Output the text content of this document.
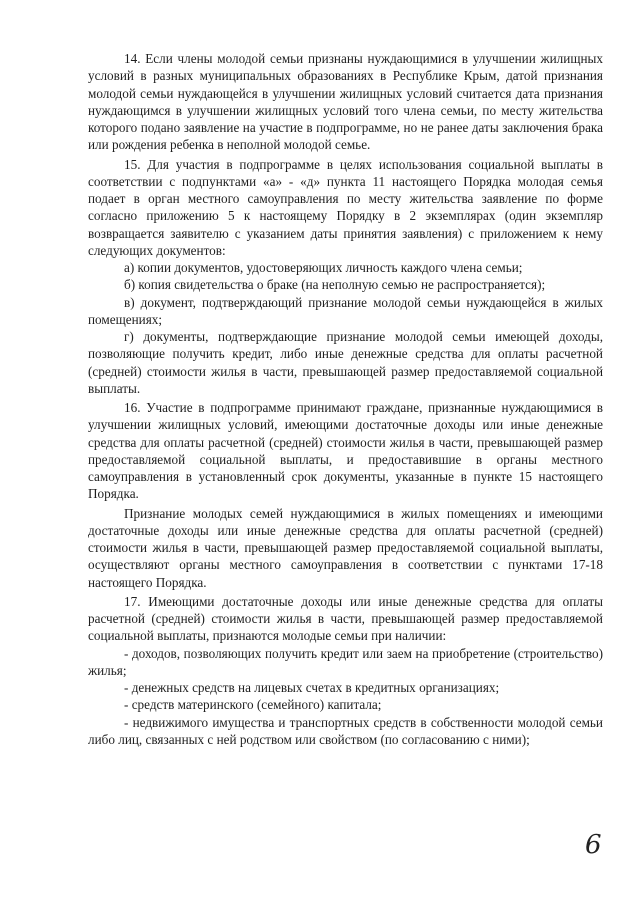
14. Если члены молодой семьи признаны нуждающимися в улучшении жилищных условий в разных муниципальных образованиях в Республике Крым, датой признания молодой семьи нуждающейся в улучшении жилищных условий считается дата признания нуждающимся в улучшении жилищных условий того члена семьи, по месту жительства которого подано заявление на участие в подпрограмме, но не ранее даты заключения брака или рождения ребенка в неполной молодой семье.

15. Для участия в подпрограмме в целях использования социальной выплаты в соответствии с подпунктами «а» - «д» пункта 11 настоящего Порядка молодая семья подает в орган местного самоуправления по месту жительства заявление по форме согласно приложению 5 к настоящему Порядку в 2 экземплярах (один экземпляр возвращается заявителю с указанием даты принятия заявления) с приложением к нему следующих документов:

а) копии документов, удостоверяющих личность каждого члена семьи;

б) копия свидетельства о браке (на неполную семью не распространяется);

в) документ, подтверждающий признание молодой семьи нуждающейся в жилых помещениях;

г) документы, подтверждающие признание молодой семьи имеющей доходы, позволяющие получить кредит, либо иные денежные средства для оплаты расчетной (средней) стоимости жилья в части, превышающей размер предоставляемой социальной выплаты.

16. Участие в подпрограмме принимают граждане, признанные нуждающимися в улучшении жилищных условий, имеющими достаточные доходы или иные денежные средства для оплаты расчетной (средней) стоимости жилья в части, превышающей размер предоставляемой социальной выплаты, и предоставившие в органы местного самоуправления в установленный срок документы, указанные в пункте 15 настоящего Порядка.

Признание молодых семей нуждающимися в жилых помещениях и имеющими достаточные доходы или иные денежные средства для оплаты расчетной (средней) стоимости жилья в части, превышающей размер предоставляемой социальной выплаты, осуществляют органы местного самоуправления в соответствии с пунктами 17-18 настоящего Порядка.

17. Имеющими достаточные доходы или иные денежные средства для оплаты расчетной (средней) стоимости жилья в части, превышающей размер предоставляемой социальной выплаты, признаются молодые семьи при наличии:

- доходов, позволяющих получить кредит или заем на приобретение (строительство) жилья;

- денежных средств на лицевых счетах в кредитных организациях;

- средств материнского (семейного) капитала;

- недвижимого имущества и транспортных средств в собственности молодой семьи либо лиц, связанных с ней родством или свойством (по согласованию с ними);

6
